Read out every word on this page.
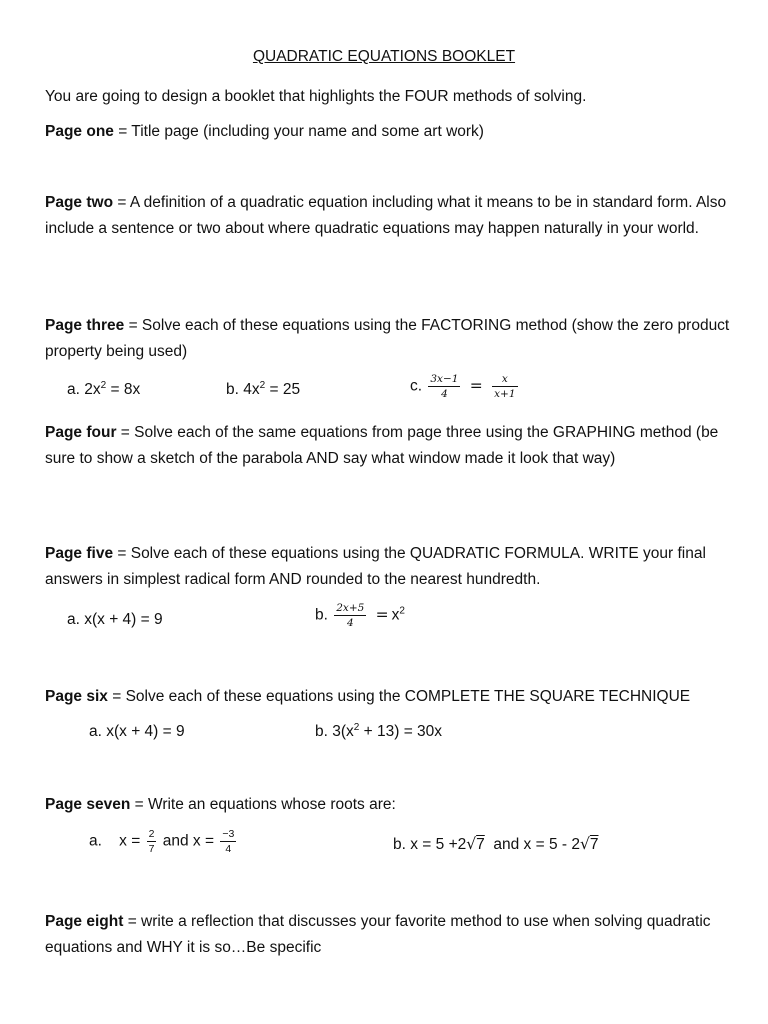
QUADRATIC EQUATIONS BOOKLET
You are going to design a booklet that highlights the FOUR methods of solving.
Page one = Title page (including your name and some art work)
Page two = A definition of a quadratic equation including what it means to be in standard form. Also include a sentence or two about where quadratic equations may happen naturally in your world.
Page three = Solve each of these equations using the FACTORING method (show the zero product property being used)
a. $2x^2 = 8x$	b. $4x^2 = 25$	c. $\frac{3x-1}{4} = \frac{x}{x+1}$
Page four = Solve each of the same equations from page three using the GRAPHING method (be sure to show a sketch of the parabola AND say what window made it look that way)
Page five = Solve each of these equations using the QUADRATIC FORMULA. WRITE your final answers in simplest radical form AND rounded to the nearest hundredth.
a. x(x + 4) = 9	b. $\frac{2x+5}{4} = x^2$
Page six = Solve each of these equations using the COMPLETE THE SQUARE TECHNIQUE
a. x(x + 4) = 9	b. $3(x^2 + 13) = 30x$
Page seven = Write an equations whose roots are:
a. $x = \frac{2}{7}$ and $x = \frac{-3}{4}$	b. x = 5 +2√7  and x = 5 - 2√7
Page eight = write a reflection that discusses your favorite method to use when solving quadratic equations and WHY it is so…Be specific
